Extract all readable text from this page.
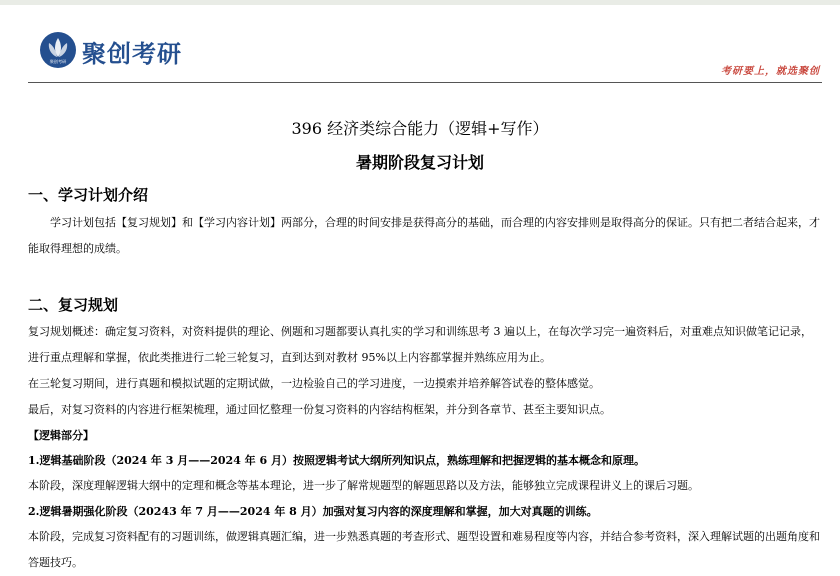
聚创考研 聚创考研
考研要上，就选聚创
396 经济类综合能力（逻辑+写作）
暑期阶段复习计划
一、学习计划介绍
学习计划包括【复习规划】和【学习内容计划】两部分，合理的时间安排是获得高分的基础，而合理的内容安排则是取得高分的保证。只有把二者结合起来，才能取得理想的成绩。
二、复习规划
复习规划概述：确定复习资料，对资料提供的理论、例题和习题都要认真扎实的学习和训练思考 3 遍以上，在每次学习完一遍资料后，对重难点知识做笔记记录，进行重点理解和掌握，依此类推进行二轮三轮复习，直到达到对教材 95%以上内容都掌握并熟练应用为止。
在三轮复习期间，进行真题和模拟试题的定期试做，一边检验自己的学习进度，一边摸索并培养解答试卷的整体感觉。
最后，对复习资料的内容进行框架梳理，通过回忆整理一份复习资料的内容结构框架，并分到各章节、甚至主要知识点。
【逻辑部分】
1.逻辑基础阶段（2024 年 3 月——2024 年 6 月）按照逻辑考试大纲所列知识点，熟练理解和把握逻辑的基本概念和原理。
本阶段，深度理解逻辑大纲中的定理和概念等基本理论，进一步了解常规题型的解题思路以及方法，能够独立完成课程讲义上的课后习题。
2.逻辑暑期强化阶段（20243 年 7 月——2024 年 8 月）加强对复习内容的深度理解和掌握，加大对真题的训练。
本阶段，完成复习资料配有的习题训练，做逻辑真题汇编，进一步熟悉真题的考查形式、题型设置和难易程度等内容，并结合参考资料，深入理解试题的出题角度和答题技巧。
